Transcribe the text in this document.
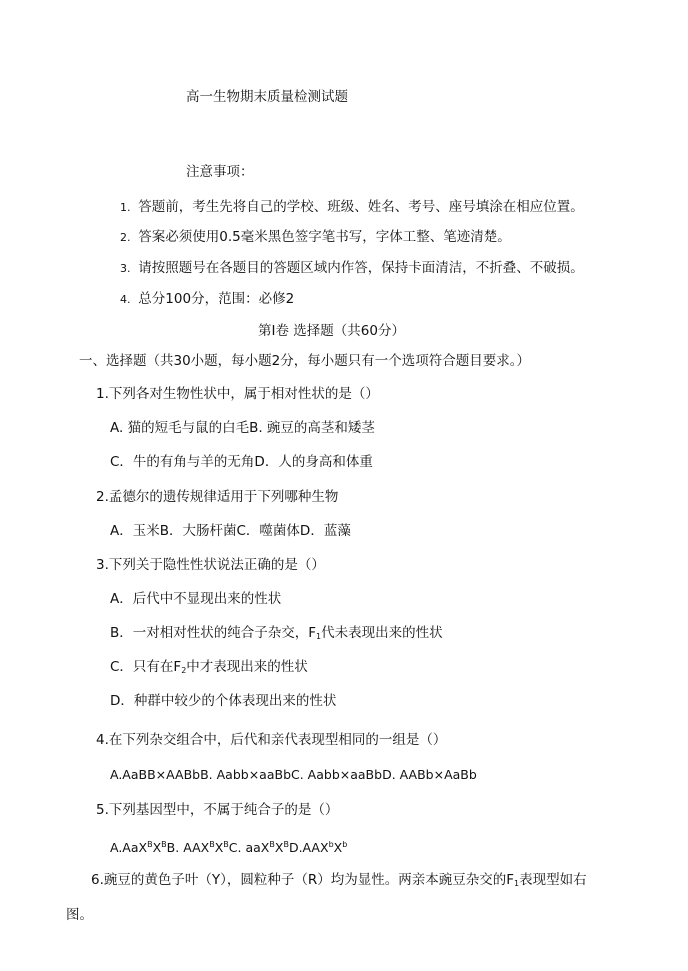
高一生物期末质量检测试题
注意事项：
1. 答题前，考生先将自己的学校、班级、姓名、考号、座号填涂在相应位置。
2. 答案必须使用0.5毫米黑色签字笔书写，字体工整、笔迹清楚。
3. 请按照题号在各题目的答题区域内作答，保持卡面清洁，不折叠、不破损。
4. 总分100分，范围：必修2
第Ⅰ卷 选择题（共60分）
一、选择题（共30小题，每小题2分，每小题只有一个选项符合题目要求。）
1.下列各对生物性状中，属于相对性状的是（）
A. 猫的短毛与鼠的白毛B. 豌豆的高茎和矮茎
C．牛的有角与羊的无角D．人的身高和体重
2.孟德尔的遗传规律适用于下列哪种生物
A．玉米B．大肠杆菌C．噬菌体D．蓝藻
3.下列关于隐性性状说法正确的是（）
A．后代中不显现出来的性状
B．一对相对性状的纯合子杂交，$F_1$代未表现出来的性状
C．只有在$F_2$中才表现出来的性状
D．种群中较少的个体表现出来的性状
4.在下列杂交组合中，后代和亲代表现型相同的一组是（）
A.AaBB×AABbB. Aabb×aaBbC. Aabb×aaBbD. AABb×AaBb
5.下列基因型中，不属于纯合子的是（）
$A.AaX^BX^BB$. $AAX^BX^BC$. $aaX^BX^BD.AAX^bX^b$
6.豌豆的黄色子叶（Y），圆粒种子（R）均为显性。两亲本豌豆杂交的$F_1$表现型如右
图。
